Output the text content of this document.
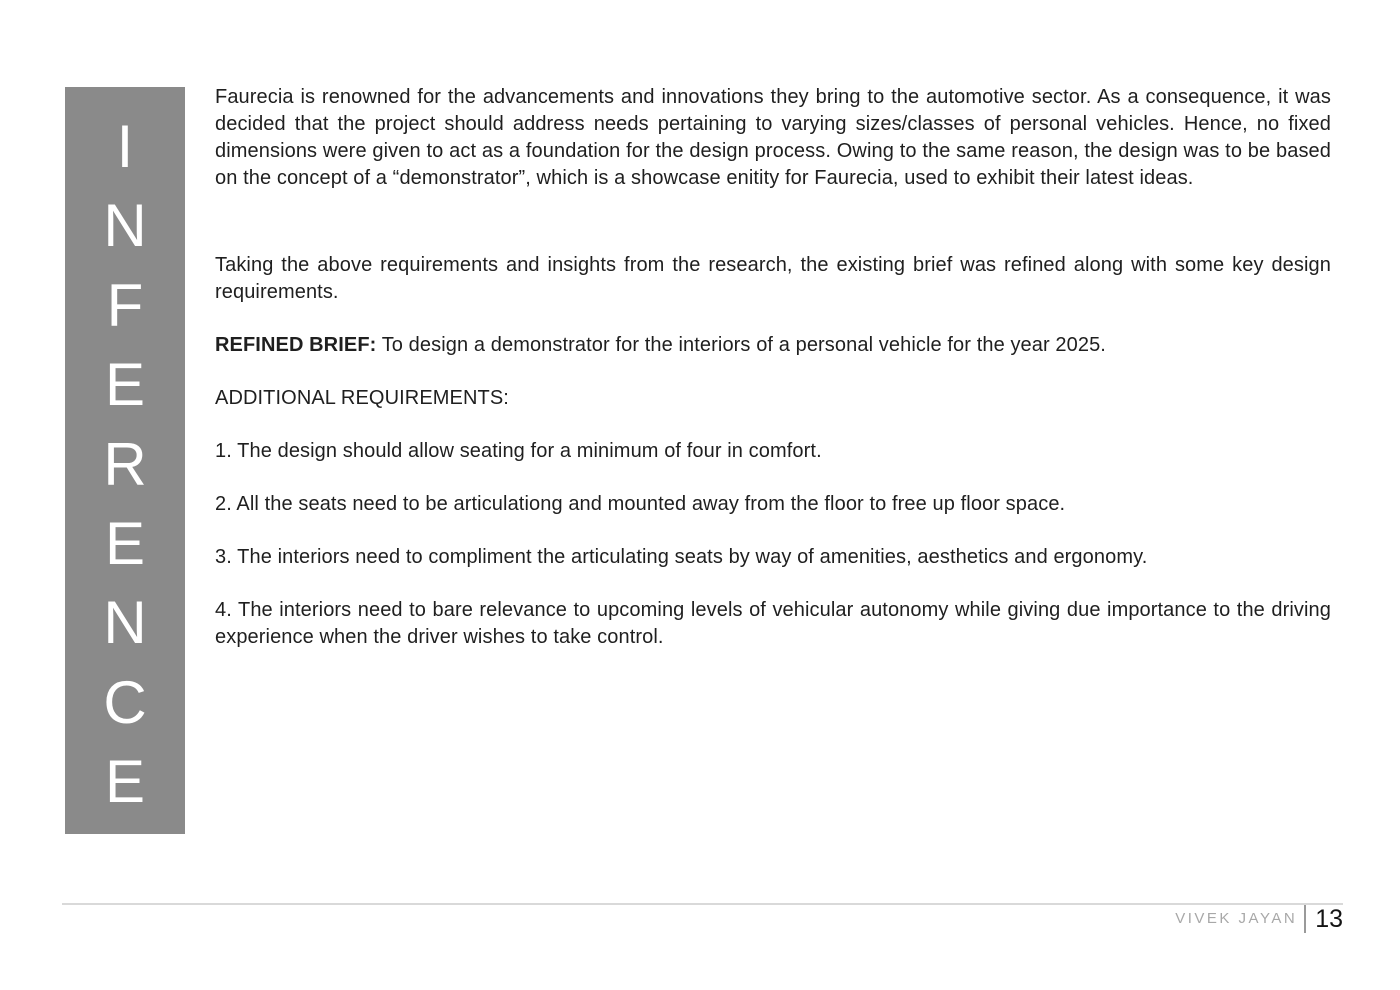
I
N
F
E
R
E
N
C
E

Faurecia is renowned for the advancements and innovations they bring to the automotive sector. As a consequence, it was decided that the project should address needs pertaining to varying sizes/classes of personal vehicles. Hence, no fixed dimensions were given to act as a foundation for the design process. Owing to the same reason, the design was to be based on the concept of a “demonstrator”, which is a showcase enitity for Faurecia, used to exhibit their latest ideas.

Taking the above requirements and insights from the research, the existing brief was refined along with some key design requirements.

REFINED BRIEF: To design a demonstrator for the interiors of a personal vehicle for the year 2025.

ADDITIONAL REQUIREMENTS:

1. The design should allow seating for a minimum of four in comfort.

2. All the seats need to be articulationg and mounted away from the floor to free up floor space.

3. The interiors need to compliment the articulating seats by way of amenities, aesthetics and ergonomy.

4. The interiors need to bare relevance to upcoming levels of vehicular autonomy while giving due importance to the driving experience when the driver wishes to take control.

VIVEK JAYAN 13
